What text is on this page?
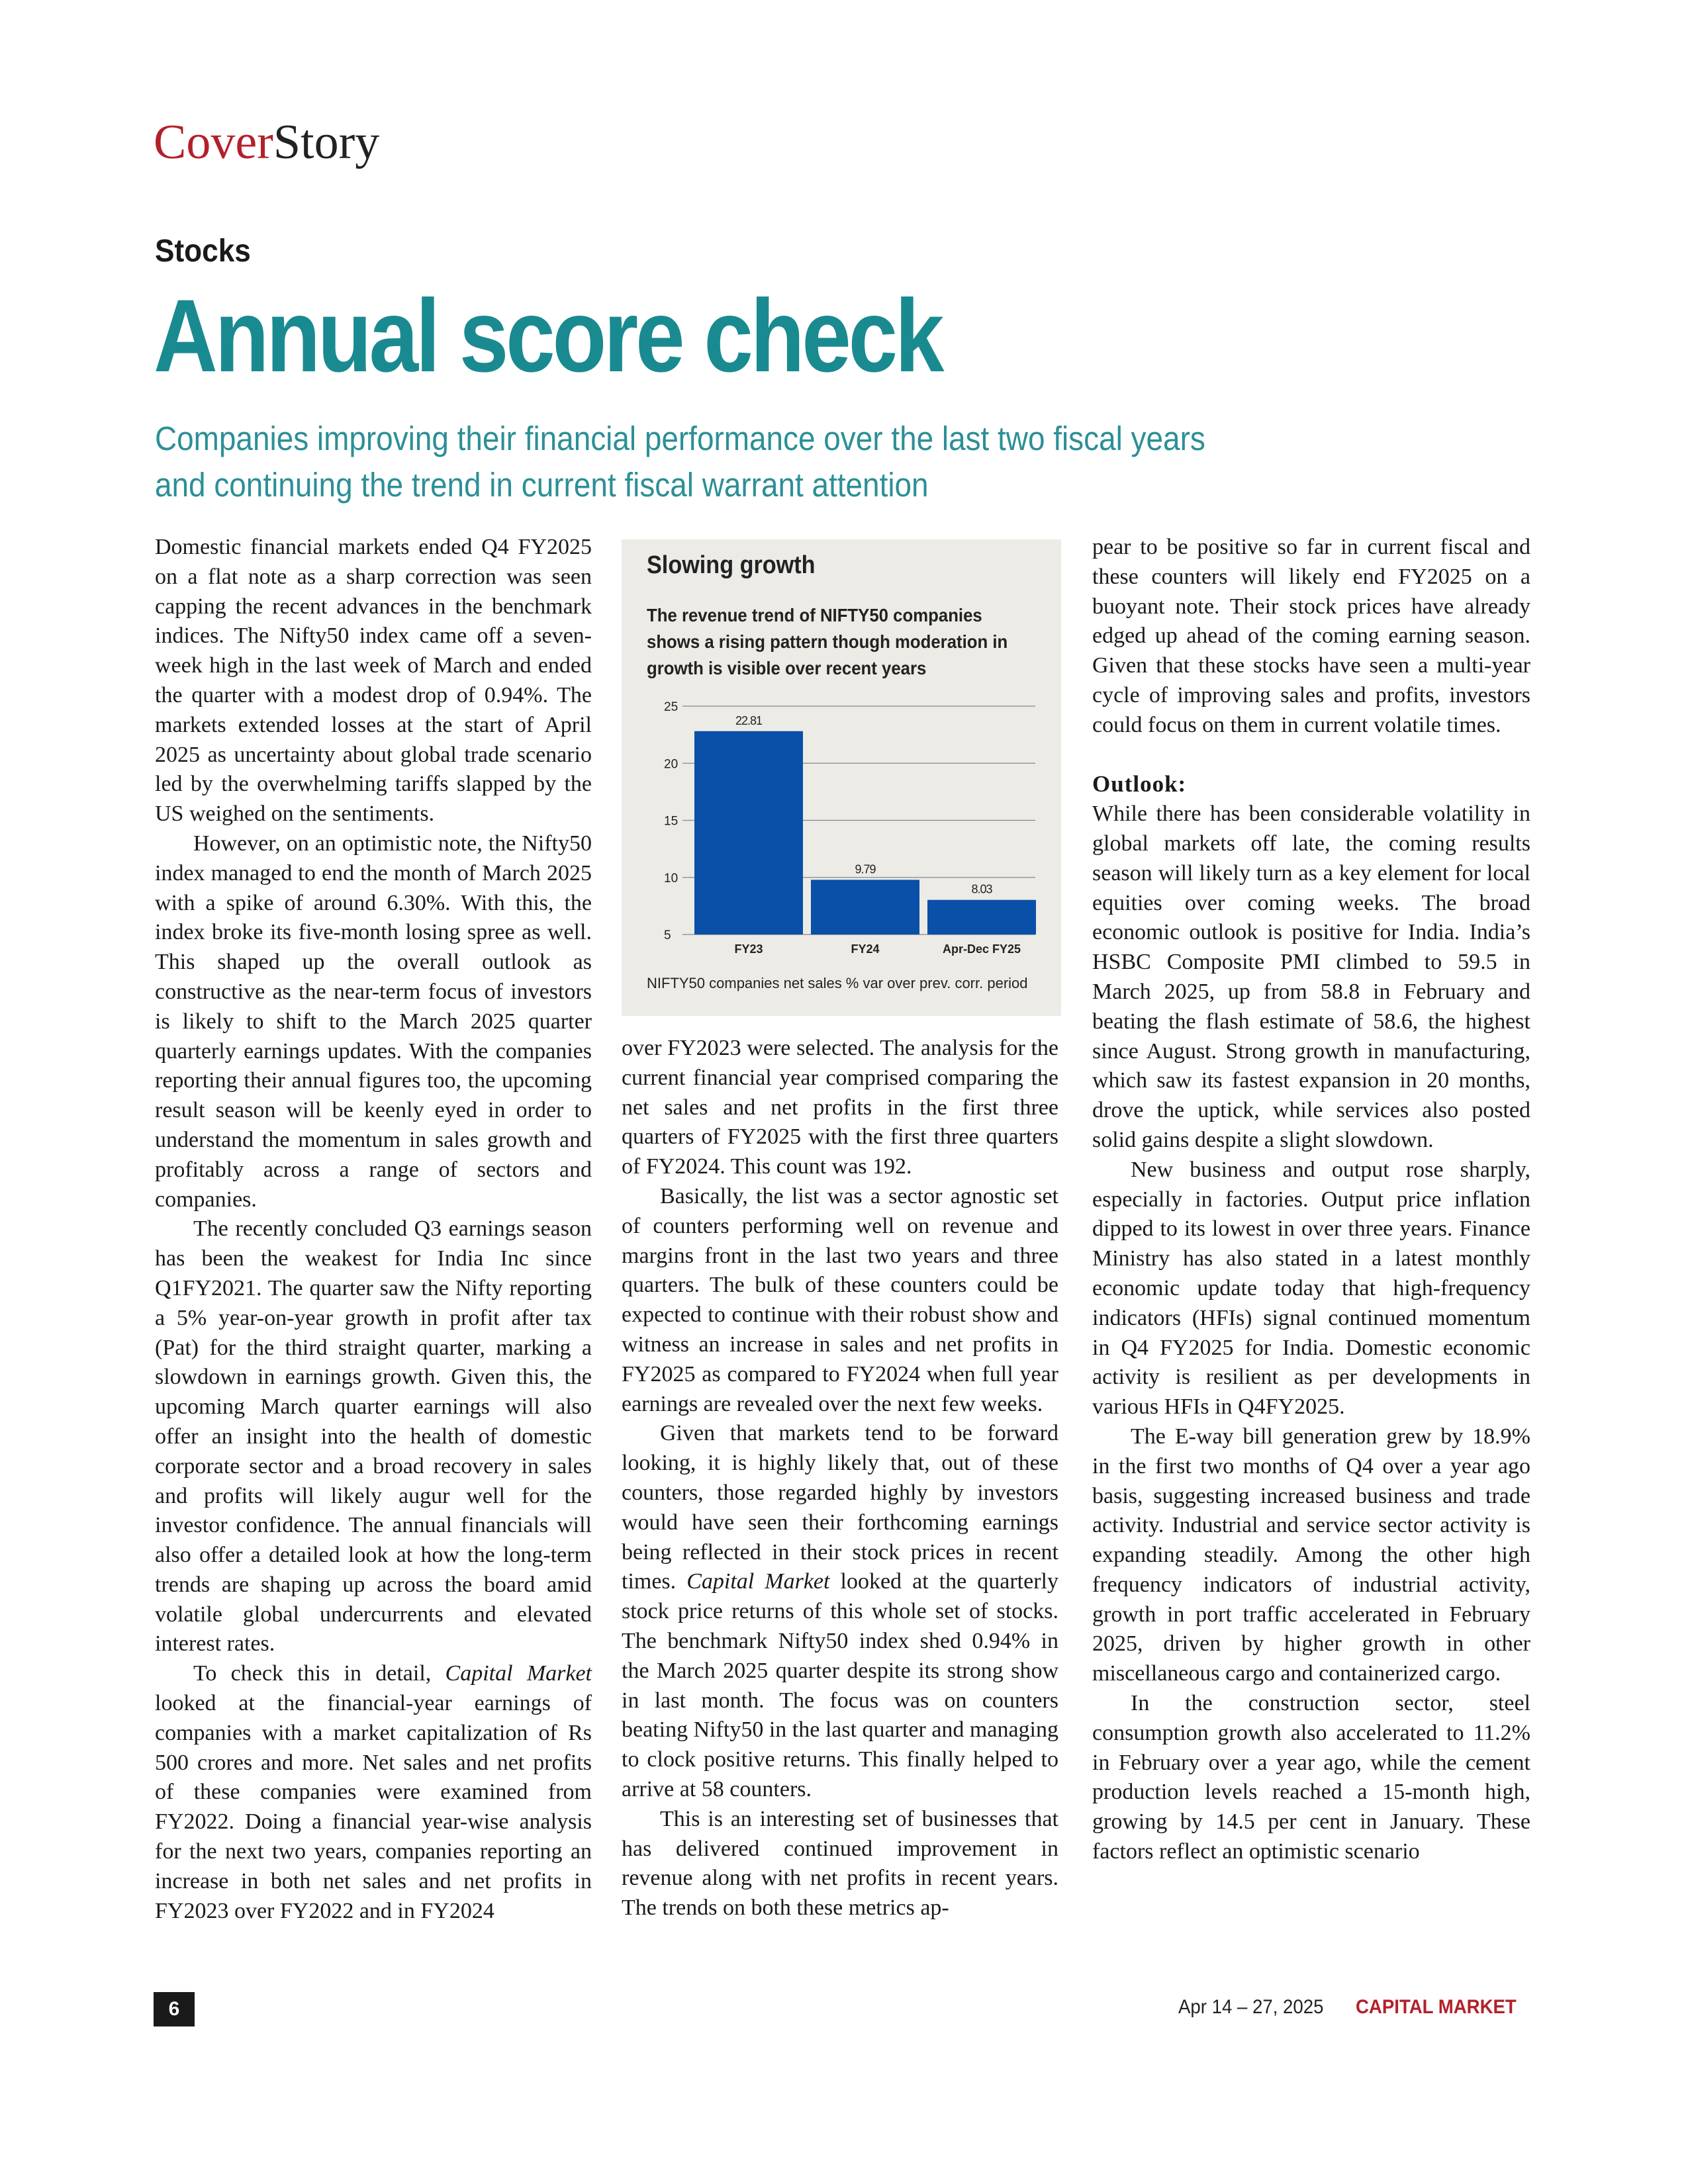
CoverStory
Stocks
Annual score check
Companies improving their financial performance over the last two fiscal years and continuing the trend in current fiscal warrant attention

Domestic financial markets ended Q4 FY2025 on a flat note as a sharp correction was seen capping the recent advances in the benchmark indices. The Nifty50 index came off a seven-week high in the last week of March and ended the quarter with a modest drop of 0.94%. The markets extended losses at the start of April 2025 as uncertainty about global trade scenario led by the overwhelming tariffs slapped by the US weighed on the sentiments.

However, on an optimistic note, the Nifty50 index managed to end the month of March 2025 with a spike of around 6.30%. With this, the index broke its five-month losing spree as well. This shaped up the overall outlook as constructive as the near-term focus of investors is likely to shift to the March 2025 quarter quarterly earnings updates. With the companies reporting their annual figures too, the upcoming result season will be keenly eyed in order to understand the momentum in sales growth and profitably across a range of sectors and companies.

The recently concluded Q3 earnings season has been the weakest for India Inc since Q1FY2021. The quarter saw the Nifty reporting a 5% year-on-year growth in profit after tax (Pat) for the third straight quarter, marking a slowdown in earnings growth. Given this, the upcoming March quarter earnings will also offer an insight into the health of domestic corporate sector and a broad recovery in sales and profits will likely augur well for the investor confidence. The annual financials will also offer a detailed look at how the long-term trends are shaping up across the board amid volatile global undercurrents and elevated interest rates.

To check this in detail, Capital Market looked at the financial-year earnings of companies with a market capitalization of Rs 500 crores and more. Net sales and net profits of these companies were examined from FY2022. Doing a financial year-wise analysis for the next two years, companies reporting an increase in both net sales and net profits in FY2023 over FY2022 and in FY2024

Slowing growth
The revenue trend of NIFTY50 companies shows a rising pattern though moderation in growth is visible over recent years
5
10
15
20
25
22.81
FY23
9.79
FY24
8.03
Apr-Dec FY25
NIFTY50 companies net sales % var over prev. corr. period

over FY2023 were selected. The analysis for the current financial year comprised comparing the net sales and net profits in the first three quarters of FY2025 with the first three quarters of FY2024. This count was 192.

Basically, the list was a sector agnostic set of counters performing well on revenue and margins front in the last two years and three quarters. The bulk of these counters could be expected to continue with their robust show and witness an increase in sales and net profits in FY2025 as compared to FY2024 when full year earnings are revealed over the next few weeks.

Given that markets tend to be forward looking, it is highly likely that, out of these counters, those regarded highly by investors would have seen their forthcoming earnings being reflected in their stock prices in recent times. Capital Market looked at the quarterly stock price returns of this whole set of stocks. The benchmark Nifty50 index shed 0.94% in the March 2025 quarter despite its strong show in last month. The focus was on counters beating Nifty50 in the last quarter and managing to clock positive returns. This finally helped to arrive at 58 counters.

This is an interesting set of businesses that has delivered continued improvement in revenue along with net profits in recent years. The trends on both these metrics ap-

pear to be positive so far in current fiscal and these counters will likely end FY2025 on a buoyant note. Their stock prices have already edged up ahead of the coming earning season. Given that these stocks have seen a multi-year cycle of improving sales and profits, investors could focus on them in current volatile times.

Outlook:

While there has been considerable volatility in global markets off late, the coming results season will likely turn as a key element for local equities over coming weeks. The broad economic outlook is positive for India. India’s HSBC Composite PMI climbed to 59.5 in March 2025, up from 58.8 in February and beating the flash estimate of 58.6, the highest since August. Strong growth in manufacturing, which saw its fastest expansion in 20 months, drove the uptick, while services also posted solid gains despite a slight slowdown.

New business and output rose sharply, especially in factories. Output price inflation dipped to its lowest in over three years. Finance Ministry has also stated in a latest monthly economic update today that high-frequency indicators (HFIs) signal continued momentum in Q4 FY2025 for India. Domestic economic activity is resilient as per developments in various HFIs in Q4FY2025.

The E-way bill generation grew by 18.9% in the first two months of Q4 over a year ago basis, suggesting increased business and trade activity. Industrial and service sector activity is expanding steadily. Among the other high frequency indicators of industrial activity, growth in port traffic accelerated in February 2025, driven by higher growth in other miscellaneous cargo and containerized cargo.

In the construction sector, steel consumption growth also accelerated to 11.2% in February over a year ago, while the cement production levels reached a 15-month high, growing by 14.5 per cent in January. These factors reflect an optimistic scenario

6	Apr 14 – 27, 2025 CAPITAL MARKET
